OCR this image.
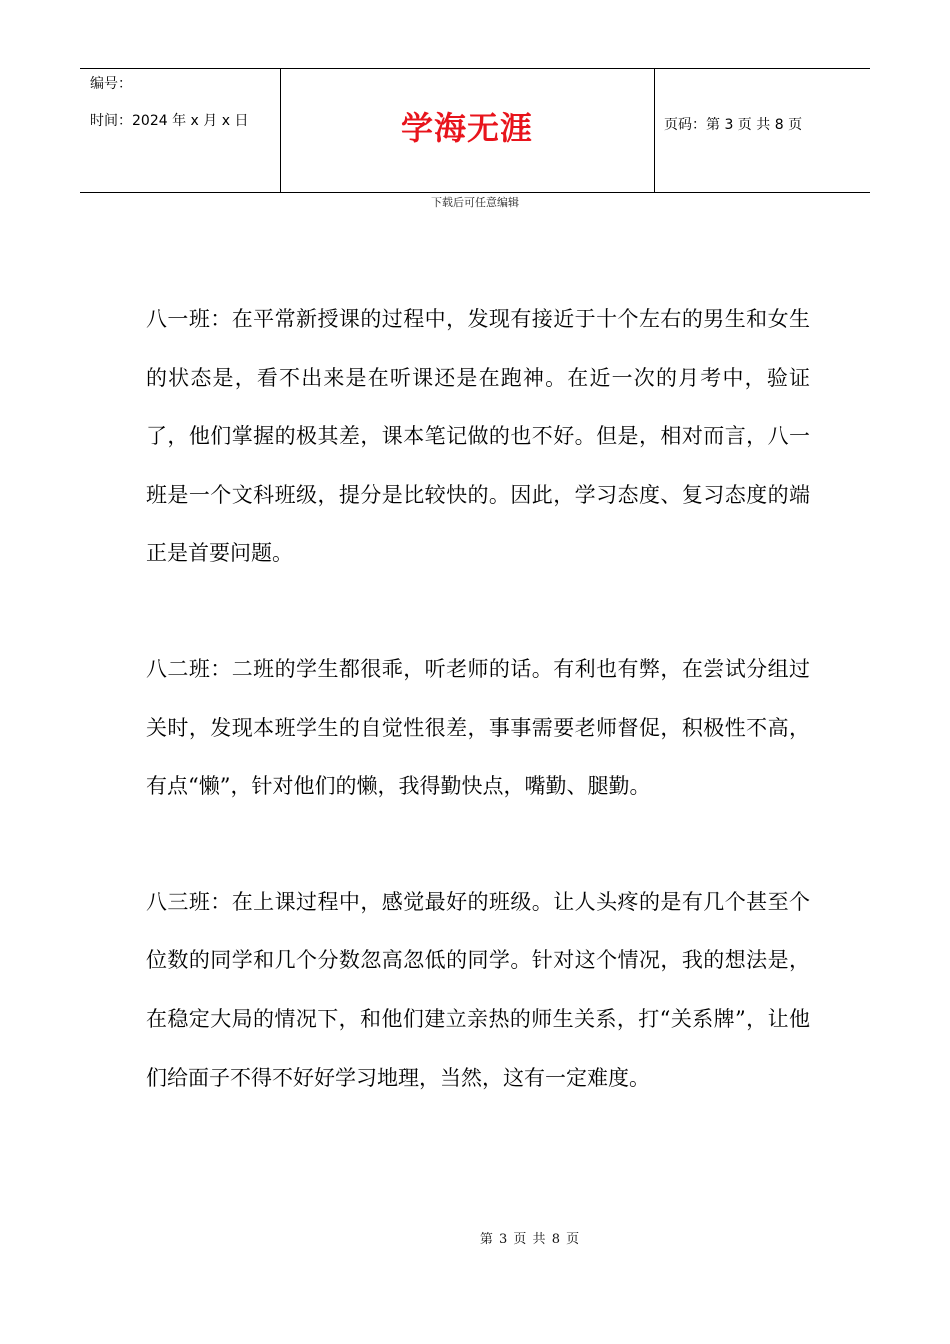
编号：
时间：2024 年 x 月 x 日	学海无涯	页码：第 3 页 共 8 页
下载后可任意编辑

八一班：在平常新授课的过程中，发现有接近于十个左右的男生和女生的状态是，看不出来是在听课还是在跑神。在近一次的月考中，验证了，他们掌握的极其差，课本笔记做的也不好。但是，相对而言，八一班是一个文科班级，提分是比较快的。因此，学习态度、复习态度的端正是首要问题。

八二班：二班的学生都很乖，听老师的话。有利也有弊，在尝试分组过关时，发现本班学生的自觉性很差，事事需要老师督促，积极性不高，有点“懒”，针对他们的懒，我得勤快点，嘴勤、腿勤。

八三班：在上课过程中，感觉最好的班级。让人头疼的是有几个甚至个位数的同学和几个分数忽高忽低的同学。针对这个情况，我的想法是，在稳定大局的情况下，和他们建立亲热的师生关系，打“关系牌”，让他们给面子不得不好好学习地理，当然，这有一定难度。

第 3 页 共 8 页
